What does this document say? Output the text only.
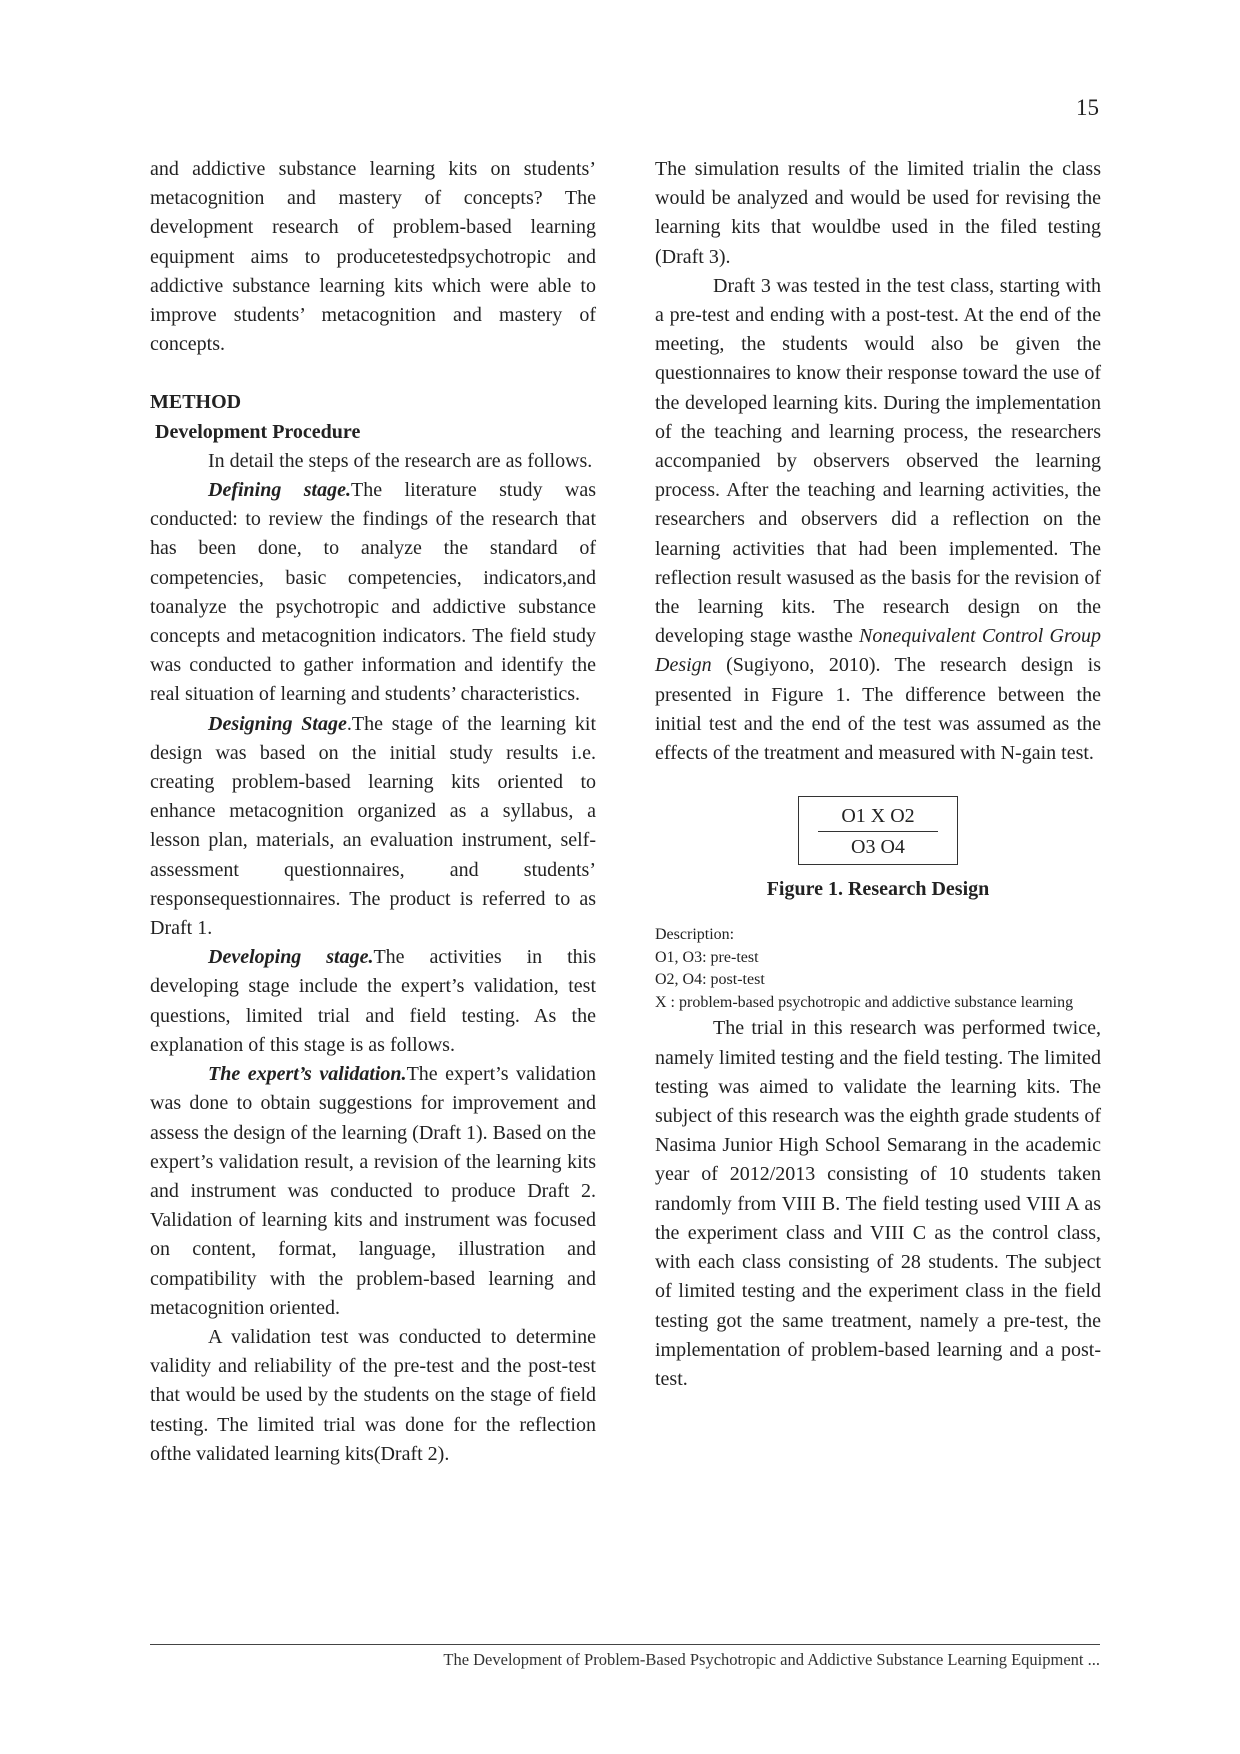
15

and addictive substance learning kits on students’ metacognition and mastery of concepts? The development research of problem-based learning equipment aims to producetestedpsychotropic and addictive substance learning kits which were able to improve students’ metacognition and mastery of concepts.

METHOD

Development Procedure

In detail the steps of the research are as follows.

Defining stage.The literature study was conducted: to review the findings of the research that has been done, to analyze the standard of competencies, basic competencies, indicators,and toanalyze the psychotropic and addictive substance concepts and metacognition indicators. The field study was conducted to gather information and identify the real situation of learning and students’ characteristics.

Designing Stage.The stage of the learning kit design was based on the initial study results i.e. creating problem-based learning kits oriented to enhance metacognition organized as a syllabus, a lesson plan, materials, an evaluation instrument, self-assessment questionnaires, and students’ responsequestionnaires. The product is referred to as Draft 1.

Developing stage.The activities in this developing stage include the expert’s validation, test questions, limited trial and field testing. As the explanation of this stage is as follows.

The expert’s validation.The expert’s validation was done to obtain suggestions for improvement and assess the design of the learning (Draft 1). Based on the expert’s validation result, a revision of the learning kits and instrument was conducted to produce Draft 2. Validation of learning kits and instrument was focused on content, format, language, illustration and compatibility with the problem-based learning and metacognition oriented.

A validation test was conducted to determine validity and reliability of the pre-test and the post-test that would be used by the students on the stage of field testing. The limited trial was done for the reflection ofthe validated learning kits(Draft 2).

The simulation results of the limited trialin the class would be analyzed and would be used for revising the learning kits that wouldbe used in the filed testing (Draft 3).

Draft 3 was tested in the test class, starting with a pre-test and ending with a post-test. At the end of the meeting, the students would also be given the questionnaires to know their response toward the use of the developed learning kits. During the implementation of the teaching and learning process, the researchers accompanied by observers observed the learning process. After the teaching and learning activities, the researchers and observers did a reflection on the learning activities that had been implemented. The reflection result wasused as the basis for the revision of the learning kits. The research design on the developing stage wasthe Nonequivalent Control Group Design (Sugiyono, 2010). The research design is presented in Figure 1. The difference between the initial test and the end of the test was assumed as the effects of the treatment and measured with N-gain test.

O1 X O2
O3 O4
Figure 1. Research Design
Description:
O1, O3: pre-test
O2, O4: post-test
X : problem-based psychotropic and addictive substance learning

The trial in this research was performed twice, namely limited testing and the field testing. The limited testing was aimed to validate the learning kits. The subject of this research was the eighth grade students of Nasima Junior High School Semarang in the academic year of 2012/2013 consisting of 10 students taken randomly from VIII B. The field testing used VIII A as the experiment class and VIII C as the control class, with each class consisting of 28 students. The subject of limited testing and the experiment class in the field testing got the same treatment, namely a pre-test, the implementation of problem-based learning and a post-test.

The Development of Problem-Based Psychotropic and Addictive Substance Learning Equipment ...
